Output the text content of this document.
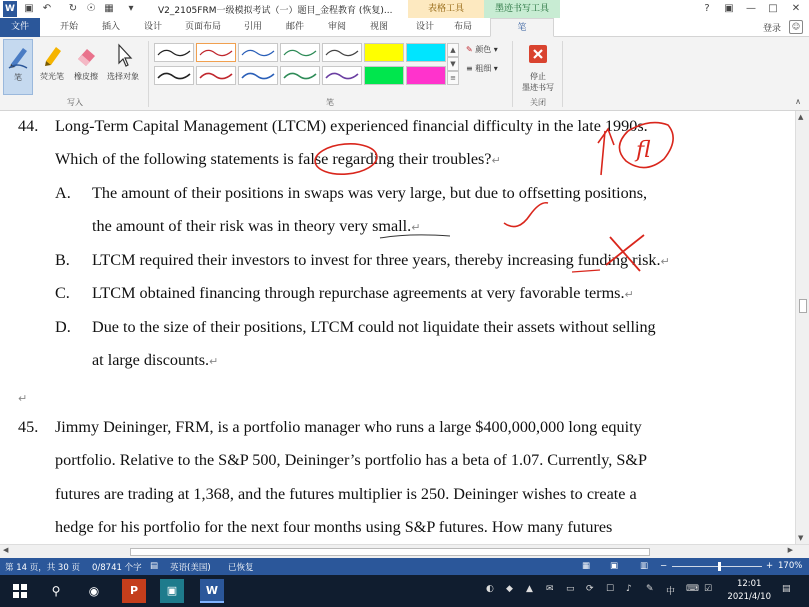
W ▣ ↶ ↻ ☉ ▦	▾	V2_2105FRM一级模拟考试（一）题目_金程教育 (恢复)...	表格工具	墨迹书写工具	?	▣	—	□	✕
文件	开始	插入	设计	页面布局	引用	邮件	审阅	视图	设计	布局	笔	登录	☺
笔	荧光笔	橡皮擦	选择对象
写入
▲
▼
≡
✎ 颜色 ▾
≡ 粗细 ▾
笔
停止
墨迹书写
关闭	∧
44. Long-Term Capital Management (LTCM) experienced financial difficulty in the late 1990s.
Which of the following statements is false regarding their troubles?↵
A. The amount of their positions in swaps was very large, but due to offsetting positions,
the amount of their risk was in theory very small.↵
B. LTCM required their investors to invest for three years, thereby increasing funding risk.↵
C. LTCM obtained financing through repurchase agreements at very favorable terms.↵
D. Due to the size of their positions, LTCM could not liquidate their assets without selling
at large discounts.↵
↵
45. Jimmy Deininger, FRM, is a portfolio manager who runs a large $400,000,000 long equity
portfolio. Relative to the S&P 500, Deininger’s portfolio has a beta of 1.07. Currently, S&P
futures are trading at 1,368, and the futures multiplier is 250. Deininger wishes to create a
hedge for his portfolio for the next four months using S&P futures. How many futures
fl
▲
▼
◀	▶
第 14 页，共 30 页 0/8741 个字 ▤ 英语(美国) 已恢复	▦ ▣	▥ −	+ 170%
⚲	◉	P	▣	W	◐ ◆ ▲ ✉ ▭ ⟳ ☐ ♪ ✎ 中 ⌨ ☑	12:01
2021/4/10
▤
